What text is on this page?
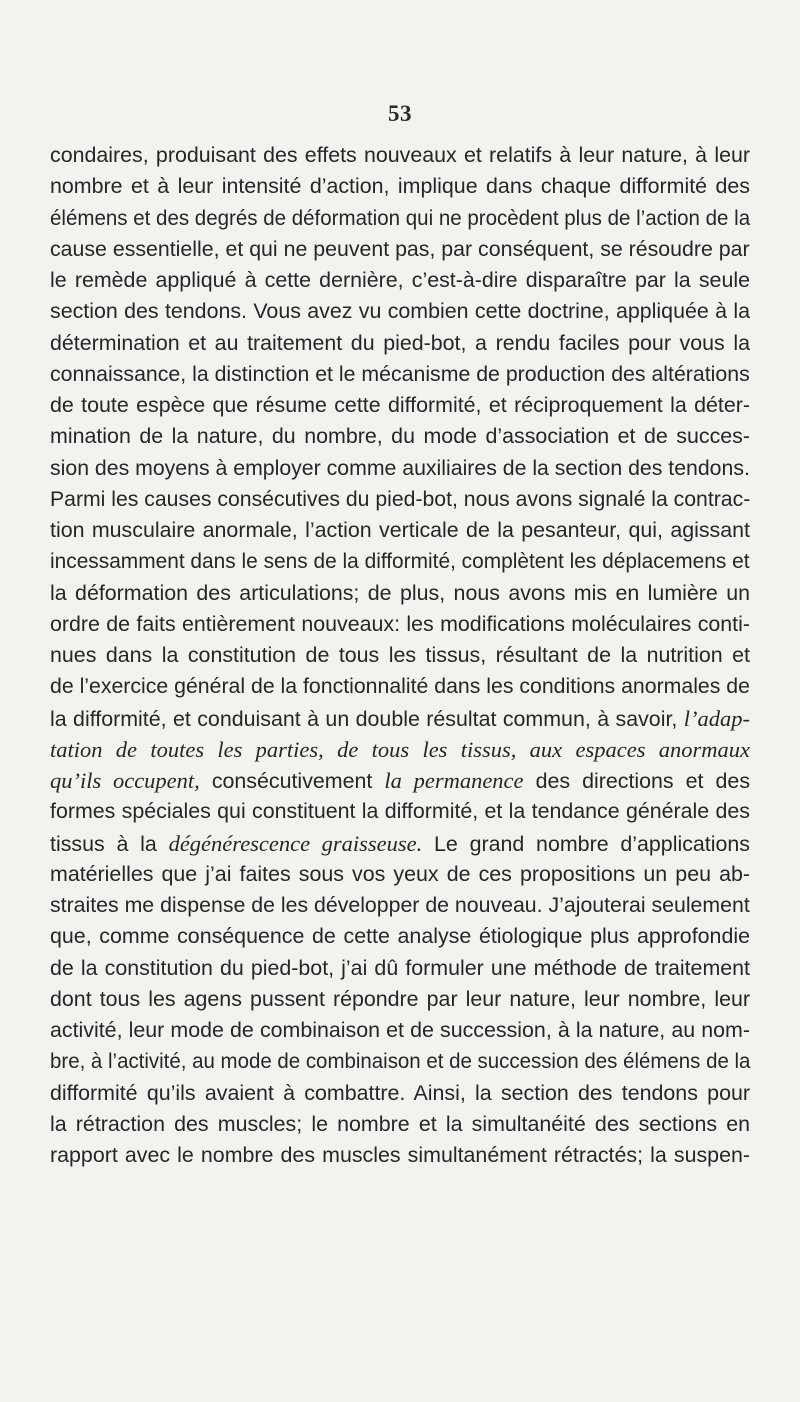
53
condaires, produisant des effets nouveaux et relatifs à leur nature, à leur
nombre et à leur intensité d’action, implique dans chaque difformité des
élémens et des degrés de déformation qui ne procèdent plus de l’action de la
cause essentielle, et qui ne peuvent pas, par conséquent, se résoudre par
le remède appliqué à cette dernière, c’est-à-dire disparaître par la seule
section des tendons. Vous avez vu combien cette doctrine, appliquée à la
détermination et au traitement du pied-bot, a rendu faciles pour vous la
connaissance, la distinction et le mécanisme de production des altérations
de toute espèce que résume cette difformité, et réciproquement la déter-
mination de la nature, du nombre, du mode d’association et de succes-
sion des moyens à employer comme auxiliaires de la section des tendons.
Parmi les causes consécutives du pied-bot, nous avons signalé la contrac-
tion musculaire anormale, l’action verticale de la pesanteur, qui, agissant
incessamment dans le sens de la difformité, complètent les déplacemens et
la déformation des articulations; de plus, nous avons mis en lumière un
ordre de faits entièrement nouveaux: les modifications moléculaires conti-
nues dans la constitution de tous les tissus, résultant de la nutrition et
de l’exercice général de la fonctionnalité dans les conditions anormales de
la difformité, et conduisant à un double résultat commun, à savoir, l’adap-
tation de toutes les parties, de tous les tissus, aux espaces anormaux
qu’ils occupent, consécutivement la permanence des directions et des
formes spéciales qui constituent la difformité, et la tendance générale des
tissus à la dégénérescence graisseuse. Le grand nombre d’applications
matérielles que j’ai faites sous vos yeux de ces propositions un peu ab-
straites me dispense de les développer de nouveau. J’ajouterai seulement
que, comme conséquence de cette analyse étiologique plus approfondie
de la constitution du pied-bot, j’ai dû formuler une méthode de traitement
dont tous les agens pussent répondre par leur nature, leur nombre, leur
activité, leur mode de combinaison et de succession, à la nature, au nom-
bre, à l’activité, au mode de combinaison et de succession des élémens de la
difformité qu’ils avaient à combattre. Ainsi, la section des tendons pour
la rétraction des muscles; le nombre et la simultanéité des sections en
rapport avec le nombre des muscles simultanément rétractés; la suspen-
